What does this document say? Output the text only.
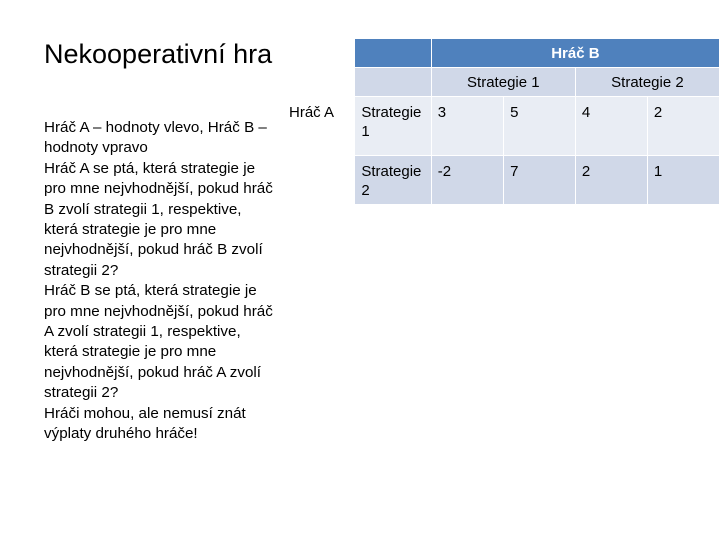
Nekooperativní hra

Hráč A – hodnoty vlevo, Hráč B – hodnoty vpravo

Hráč A se ptá, která strategie je pro mne nejvhodnější, pokud hráč B zvolí strategii 1, respektive, která strategie je pro mne nejvhodnější, pokud hráč B zvolí strategii 2?

Hráč B se ptá, která strategie je pro mne nejvhodnější, pokud hráč A zvolí strategii 1, respektive, která strategie je pro mne nejvhodnější, pokud hráč A zvolí strategii 2?

Hráči mohou, ale nemusí znát výplaty druhého hráče!

		Hráč B			
		Strategie 1		Strategie 2	
Hráč A	Strategie 1	3	5	4	2
	Strategie 2	-2	7	2	1
